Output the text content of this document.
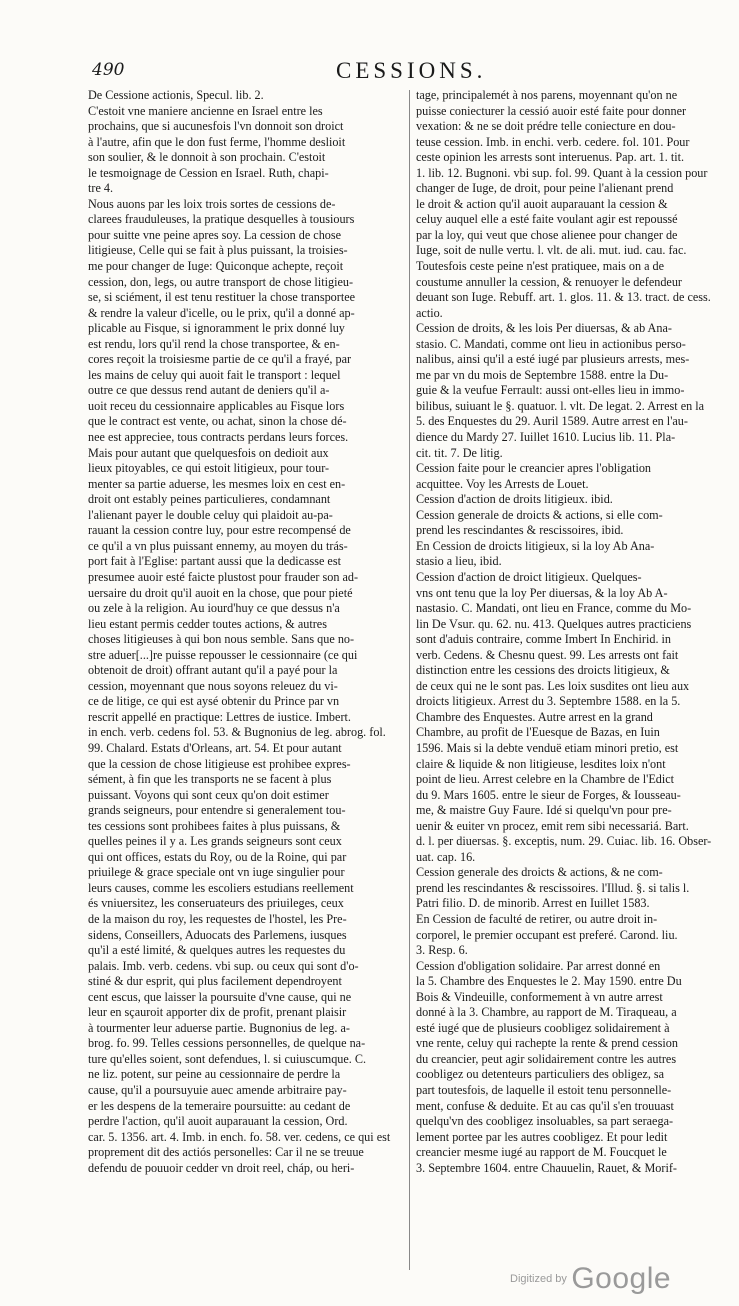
490	CESSIONS.
De Cessione actionis, Specul. lib. 2.
C'estoit vne maniere ancienne en Israel entre les
prochains, que si aucunesfois l'vn donnoit son droict
à l'autre, afin que le don fust ferme, l'homme deslioit
son soulier, & le donnoit à son prochain. C'estoit
le tesmoignage de Cession en Israel. Ruth, chapi-
tre 4.
Nous auons par les loix trois sortes de cessions de-
clarees frauduleuses, la pratique desquelles à tousiours
pour suitte vne peine apres soy. La cession de chose
litigieuse, Celle qui se fait à plus puissant, la troisies-
me pour changer de Iuge: Quiconque achepte, reçoit
cession, don, legs, ou autre transport de chose litigieu-
se, si sciément, il est tenu restituer la chose transportee
& rendre la valeur d'icelle, ou le prix, qu'il a donné ap-
plicable au Fisque, si ignoramment le prix donné luy
est rendu, lors qu'il rend la chose transportee, & en-
cores reçoit la troisiesme partie de ce qu'il a frayé, par
les mains de celuy qui auoit fait le transport : lequel
outre ce que dessus rend autant de deniers qu'il a-
uoit receu du cessionnaire applicables au Fisque lors
que le contract est vente, ou achat, sinon la chose dé-
nee est appreciee, tous contracts perdans leurs forces.
Mais pour autant que quelquesfois on dedioit aux
lieux pitoyables, ce qui estoit litigieux, pour tour-
menter sa partie aduerse, les mesmes loix en cest en-
droit ont estably peines particulieres, condamnant
l'alienant payer le double celuy qui plaidoit au-pa-
rauant la cession contre luy, pour estre recompensé de
ce qu'il a vn plus puissant ennemy, au moyen du trás-
port fait à l'Eglise: partant aussi que la dedicasse est
presumee auoir esté faicte plustost pour frauder son ad-
uersaire du droit qu'il auoit en la chose, que pour pieté
ou zele à la religion. Au iourd'huy ce que dessus n'a
lieu estant permis cedder toutes actions, & autres
choses litigieuses à qui bon nous semble. Sans que no-
stre aduer[...]re puisse repousser le cessionnaire (ce qui
obtenoit de droit) offrant autant qu'il a payé pour la
cession, moyennant que nous soyons releuez du vi-
ce de litige, ce qui est aysé obtenir du Prince par vn
rescrit appellé en practique: Lettres de iustice. Imbert.
in ench. verb. cedens fol. 53. & Bugnonius de leg. abrog. fol.
99. Chalard. Estats d'Orleans, art. 54. Et pour autant
que la cession de chose litigieuse est prohibee expres-
sément, à fin que les transports ne se facent à plus
puissant. Voyons qui sont ceux qu'on doit estimer
grands seigneurs, pour entendre si generalement tou-
tes cessions sont prohibees faites à plus puissans, &
quelles peines il y a. Les grands seigneurs sont ceux
qui ont offices, estats du Roy, ou de la Roine, qui par
priuilege & grace speciale ont vn iuge singulier pour
leurs causes, comme les escoliers estudians reellement
és vniuersitez, les conseruateurs des priuileges, ceux
de la maison du roy, les requestes de l'hostel, les Pre-
sidens, Conseillers, Aduocats des Parlemens, iusques
qu'il a esté limité, & quelques autres les requestes du
palais. Imb. verb. cedens. vbi sup. ou ceux qui sont d'o-
stiné & dur esprit, qui plus facilement dependroyent
cent escus, que laisser la poursuite d'vne cause, qui ne
leur en sçauroit apporter dix de profit, prenant plaisir
à tourmenter leur aduerse partie. Bugnonius de leg. a-
brog. fo. 99. Telles cessions personnelles, de quelque na-
ture qu'elles soient, sont defendues, l. si cuiuscumque. C.
ne liz. potent, sur peine au cessionnaire de perdre la
cause, qu'il a poursuyuie auec amende arbitraire pay-
er les despens de la temeraire poursuitte: au cedant de
perdre l'action, qu'il auoit auparauant la cession, Ord.
car. 5. 1356. art. 4. Imb. in ench. fo. 58. ver. cedens, ce qui est
proprement dit des actiós personelles: Car il ne se treuue
defendu de pouuoir cedder vn droit reel, cháp, ou heri-
tage, principalemét à nos parens, moyennant qu'on ne
puisse coniecturer la cessió auoir esté faite pour donner
vexation: & ne se doit prédre telle coniecture en dou-
teuse cession. Imb. in enchi. verb. cedere. fol. 101. Pour
ceste opinion les arrests sont interuenus. Pap. art. 1. tit.
1. lib. 12. Bugnoni. vbi sup. fol. 99. Quant à la cession pour
changer de Iuge, de droit, pour peine l'alienant prend
le droit & action qu'il auoit auparauant la cession &
celuy auquel elle a esté faite voulant agir est repoussé
par la loy, qui veut que chose alienee pour changer de
Iuge, soit de nulle vertu. l. vlt. de ali. mut. iud. cau. fac.
Toutesfois ceste peine n'est pratiquee, mais on a de
coustume annuller la cession, & renuoyer le defendeur
deuant son Iuge. Rebuff. art. 1. glos. 11. & 13. tract. de cess.
actio.
Cession de droits, & les lois Per diuersas, & ab Ana-
stasio. C. Mandati, comme ont lieu in actionibus perso-
nalibus, ainsi qu'il a esté iugé par plusieurs arrests, mes-
me par vn du mois de Septembre 1588. entre la Du-
guie & la veufue Ferrault: aussi ont-elles lieu in immo-
bilibus, suiuant le §. quatuor. l. vlt. De legat. 2. Arrest en la
5. des Enquestes du 29. Auril 1589. Autre arrest en l'au-
dience du Mardy 27. Iuillet 1610. Lucius lib. 11. Pla-
cit. tit. 7. De litig.
Cession faite pour le creancier apres l'obligation
acquittee. Voy les Arrests de Louet.
Cession d'action de droits litigieux. ibid.
Cession generale de droicts & actions, si elle com-
prend les rescindantes & rescissoires, ibid.
En Cession de droicts litigieux, si la loy Ab Ana-
stasio a lieu, ibid.
Cession d'action de droict litigieux. Quelques-
vns ont tenu que la loy Per diuersas, & la loy Ab A-
nastasio. C. Mandati, ont lieu en France, comme du Mo-
lin De Vsur. qu. 62. nu. 413. Quelques autres practiciens
sont d'aduis contraire, comme Imbert In Enchirid. in
verb. Cedens. & Chesnu quest. 99. Les arrests ont fait
distinction entre les cessions des droicts litigieux, &
de ceux qui ne le sont pas. Les loix susdites ont lieu aux
droicts litigieux. Arrest du 3. Septembre 1588. en la 5.
Chambre des Enquestes. Autre arrest en la grand
Chambre, au profit de l'Euesque de Bazas, en Iuin
1596. Mais si la debte venduë etiam minori pretio, est
claire & liquide & non litigieuse, lesdites loix n'ont
point de lieu. Arrest celebre en la Chambre de l'Edict
du 9. Mars 1605. entre le sieur de Forges, & Iousseau-
me, & maistre Guy Faure. Idé si quelqu'vn pour pre-
uenir & euiter vn procez, emit rem sibi necessariá. Bart.
d. l. per diuersas. §. exceptis, num. 29. Cuiac. lib. 16. Obser-
uat. cap. 16.
Cession generale des droicts & actions, & ne com-
prend les rescindantes & rescissoires. l'Illud. §. si talis l.
Patri filio. D. de minorib. Arrest en Iuillet 1583.
En Cession de faculté de retirer, ou autre droit in-
corporel, le premier occupant est preferé. Carond. liu.
3. Resp. 6.
Cession d'obligation solidaire. Par arrest donné en
la 5. Chambre des Enquestes le 2. May 1590. entre Du
Bois & Vindeuille, conformement à vn autre arrest
donné à la 3. Chambre, au rapport de M. Tiraqueau, a
esté iugé que de plusieurs coobligez solidairement à
vne rente, celuy qui rachepte la rente & prend cession
du creancier, peut agir solidairement contre les autres
coobligez ou detenteurs particuliers des obligez, sa
part toutesfois, de laquelle il estoit tenu personnelle-
ment, confuse & deduite. Et au cas qu'il s'en trouuast
quelqu'vn des coobligez insoluables, sa part seraega-
lement portee par les autres coobligez. Et pour ledit
creancier mesme iugé au rapport de M. Foucquet le
3. Septembre 1604. entre Chauuelin, Rauet, & Morif-
Digitized by Google
